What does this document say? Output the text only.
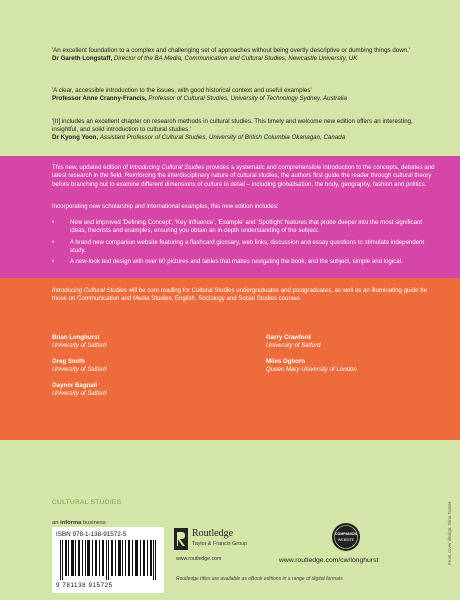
'An excellent foundation to a complex and challenging set of approaches without being overtly descriptive or dumbing things down.'
Dr Gareth Longstaff, Director of the BA Media, Communication and Cultural Studies, Newcastle University, UK
'A clear, accessible introduction to the issues, with good historical context and useful examples'
Professor Anne Cranny-Francis, Professor of Cultural Studies, University of Technology Sydney, Australia
'[It] includes an excellent chapter on research methods in cultural studies. This timely and welcome new edition offers an interesting, insightful, and solid introduction to cultural studies.'
Dr Kyong Yoon, Assistant Professor of Cultural Studies, University of British Columbia Okanagan, Canada
This new, updated edition of Introducing Cultural Studies provides a systematic and comprehensible introduction to the concepts, debates and latest research in the field. Reinforcing the interdisciplinary nature of cultural studies, the authors first guide the reader through cultural theory before branching out to examine different dimensions of culture in detail – including globalisation, the body, geography, fashion and politics.
Incorporating new scholarship and international examples, this new edition includes:
•	New and improved 'Defining Concept', 'Key Influence', 'Example' and 'Spotlight' features that probe deeper into the most significant ideas, theorists and examples, ensuring you obtain an in-depth understanding of the subject.
•	A brand new companion website featuring a flashcard glossary, web links, discussion and essay questions to stimulate independent study.
•	A new-look text design with over 60 pictures and tables that makes navigating the book, and the subject, simple and logical.
Introducing Cultural Studies will be core reading for Cultural Studies undergraduates and postgraduates, as well as an illuminating guide for those on Communication and Media Studies, English, Sociology and Social Studies courses.
Brian Longhurst
University of Salford
Greg Smith
University of Salford
Gaynor Bagnall
University of Salford
Garry Crawford
University of Salford
Miles Ogborn
Queen Mary University of London
CULTURAL STUDIES
an informa business
ISBN 978-1-138-91572-5
9 781138 915725
Routledge
Taylor & Francis Group
www.routledge.com
COMPANION
WEBSITE
www.routledge.com/cw/longhurst
Routledge titles are available as eBook editions in a range of digital formats
Front cover design: Gina Turner
